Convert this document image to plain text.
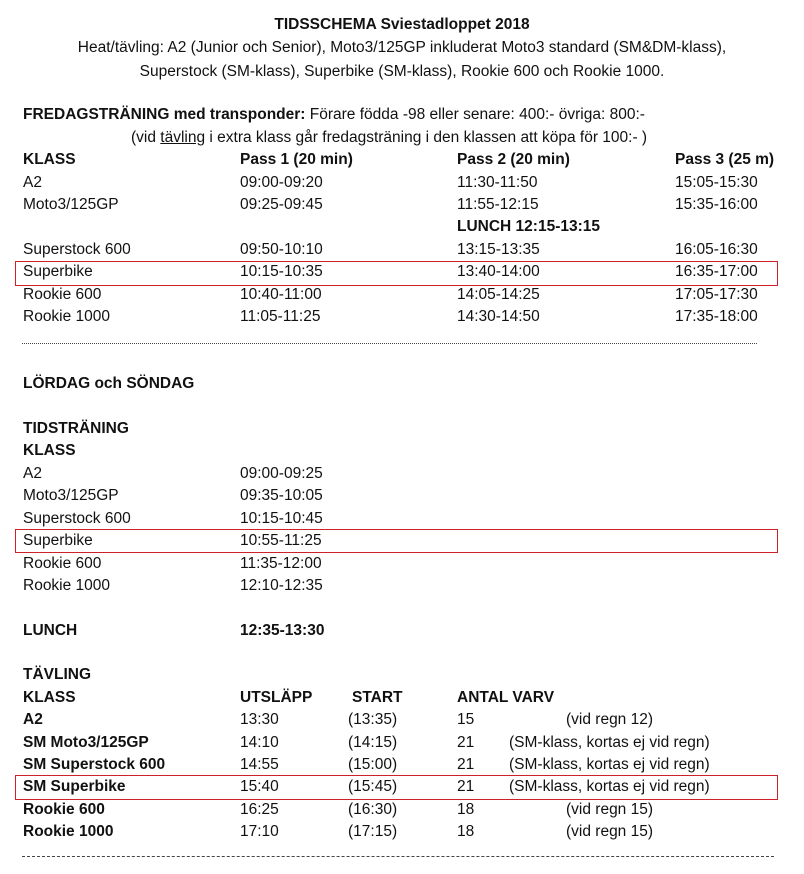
TIDSSCHEMA Sviestadloppet 2018
Heat/tävling: A2 (Junior och Senior), Moto3/125GP inkluderat Moto3 standard (SM&DM-klass),
Superstock (SM-klass), Superbike (SM-klass), Rookie 600 och Rookie 1000.
FREDAGSTRÄNING med transponder: Förare födda -98 eller senare: 400:- övriga: 800:-
(vid tävling i extra klass går fredagsträning i den klassen att köpa för 100:- )
KLASS	Pass 1 (20 min)	Pass 2 (20 min)	Pass 3 (25 m)
A2	09:00-09:20	11:30-11:50	15:05-15:30
Moto3/125GP	09:25-09:45	11:55-12:15	15:35-16:00
LUNCH 12:15-13:15
Superstock 600	09:50-10:10	13:15-13:35	16:05-16:30
Superbike	10:15-10:35	13:40-14:00	16:35-17:00
Rookie 600	10:40-11:00	14:05-14:25	17:05-17:30
Rookie 1000	11:05-11:25	14:30-14:50	17:35-18:00
LÖRDAG och SÖNDAG
TIDSTRÄNING
KLASS
A2	09:00-09:25
Moto3/125GP	09:35-10:05
Superstock 600	10:15-10:45
Superbike	10:55-11:25
Rookie 600	11:35-12:00
Rookie 1000	12:10-12:35
LUNCH	12:35-13:30
TÄVLING
KLASS	UTSLÄPP	START	ANTAL VARV
A2	13:30	(13:35)	15	(vid regn 12)
SM Moto3/125GP	14:10	(14:15)	21 (SM-klass, kortas ej vid regn)
SM Superstock 600	14:55	(15:00)	21 (SM-klass, kortas ej vid regn)
SM Superbike	15:40	(15:45)	21 (SM-klass, kortas ej vid regn)
Rookie 600	16:25	(16:30)	18	(vid regn 15)
Rookie 1000	17:10	(17:15)	18	(vid regn 15)
